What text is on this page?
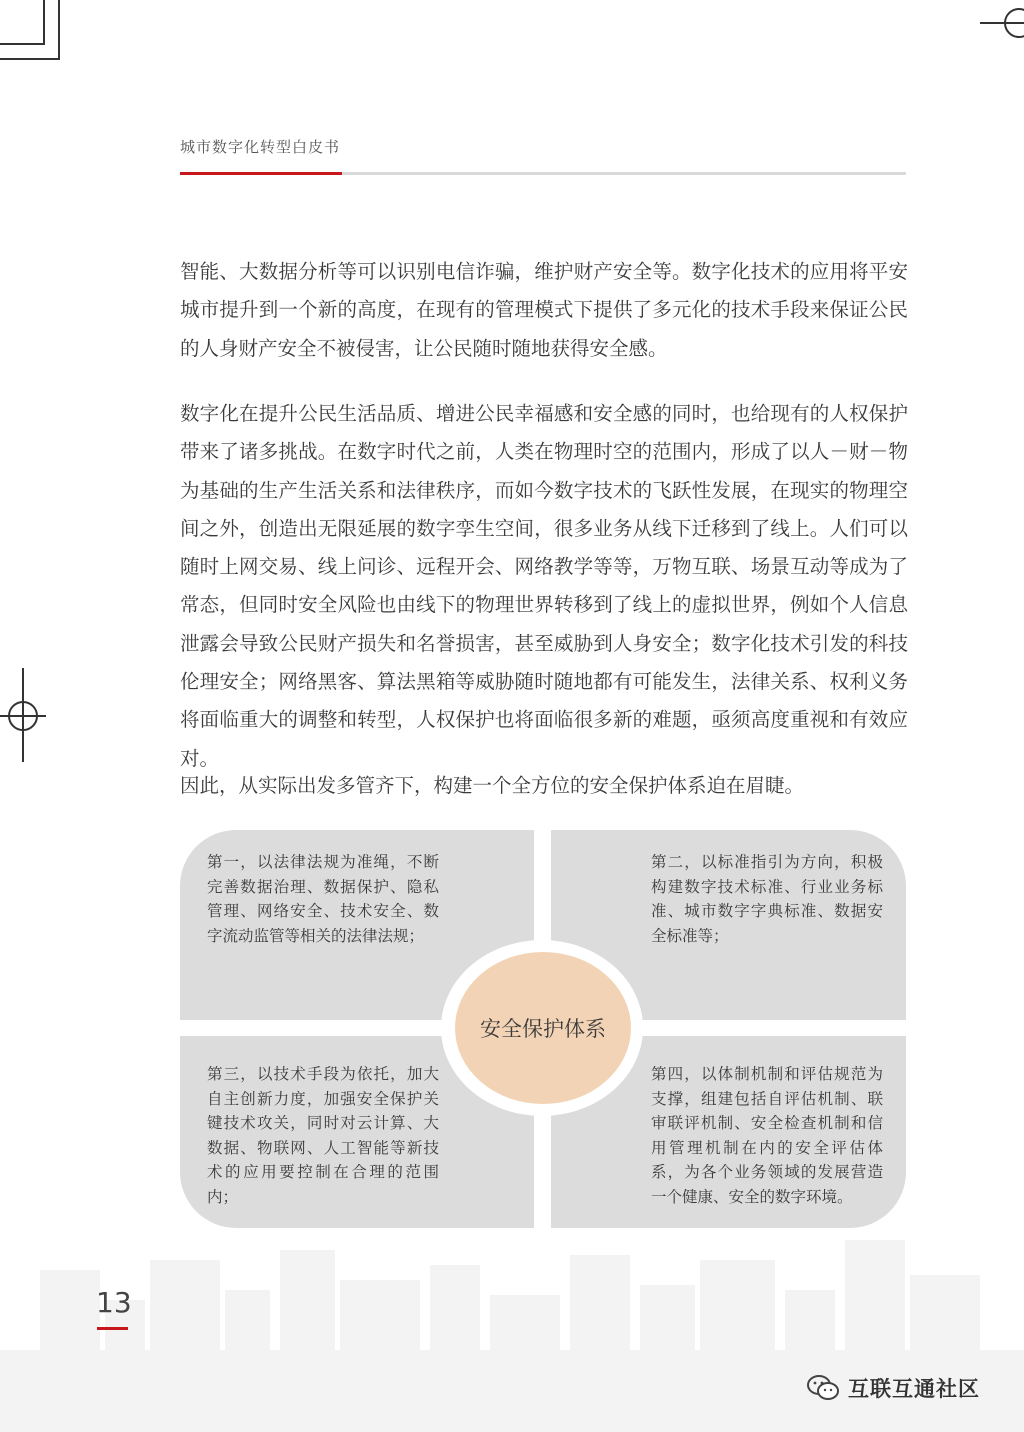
城市数字化转型白皮书

智能、大数据分析等可以识别电信诈骗，维护财产安全等。数字化技术的应用将平安城市提升到一个新的高度，在现有的管理模式下提供了多元化的技术手段来保证公民的人身财产安全不被侵害，让公民随时随地获得安全感。

数字化在提升公民生活品质、增进公民幸福感和安全感的同时，也给现有的人权保护带来了诸多挑战。在数字时代之前，人类在物理时空的范围内，形成了以人－财－物为基础的生产生活关系和法律秩序，而如今数字技术的飞跃性发展，在现实的物理空间之外，创造出无限延展的数字孪生空间，很多业务从线下迁移到了线上。人们可以随时上网交易、线上问诊、远程开会、网络教学等等，万物互联、场景互动等成为了常态，但同时安全风险也由线下的物理世界转移到了线上的虚拟世界，例如个人信息泄露会导致公民财产损失和名誉损害，甚至威胁到人身安全；数字化技术引发的科技伦理安全；网络黑客、算法黑箱等威胁随时随地都有可能发生，法律关系、权利义务将面临重大的调整和转型，人权保护也将面临很多新的难题，亟须高度重视和有效应对。

因此，从实际出发多管齐下，构建一个全方位的安全保护体系迫在眉睫。

第一，以法律法规为准绳，不断完善数据治理、数据保护、隐私管理、网络安全、技术安全、数字流动监管等相关的法律法规；
第二，以标准指引为方向，积极构建数字技术标准、行业业务标准、城市数字字典标准、数据安全标准等；
第三，以技术手段为依托，加大自主创新力度，加强安全保护关键技术攻关，同时对云计算、大数据、物联网、人工智能等新技术的应用要控制在合理的范围内；
第四，以体制机制和评估规范为支撑，组建包括自评估机制、联审联评机制、安全检查机制和信用管理机制在内的安全评估体系，为各个业务领域的发展营造一个健康、安全的数字环境。
安全保护体系
13
互联互通社区
